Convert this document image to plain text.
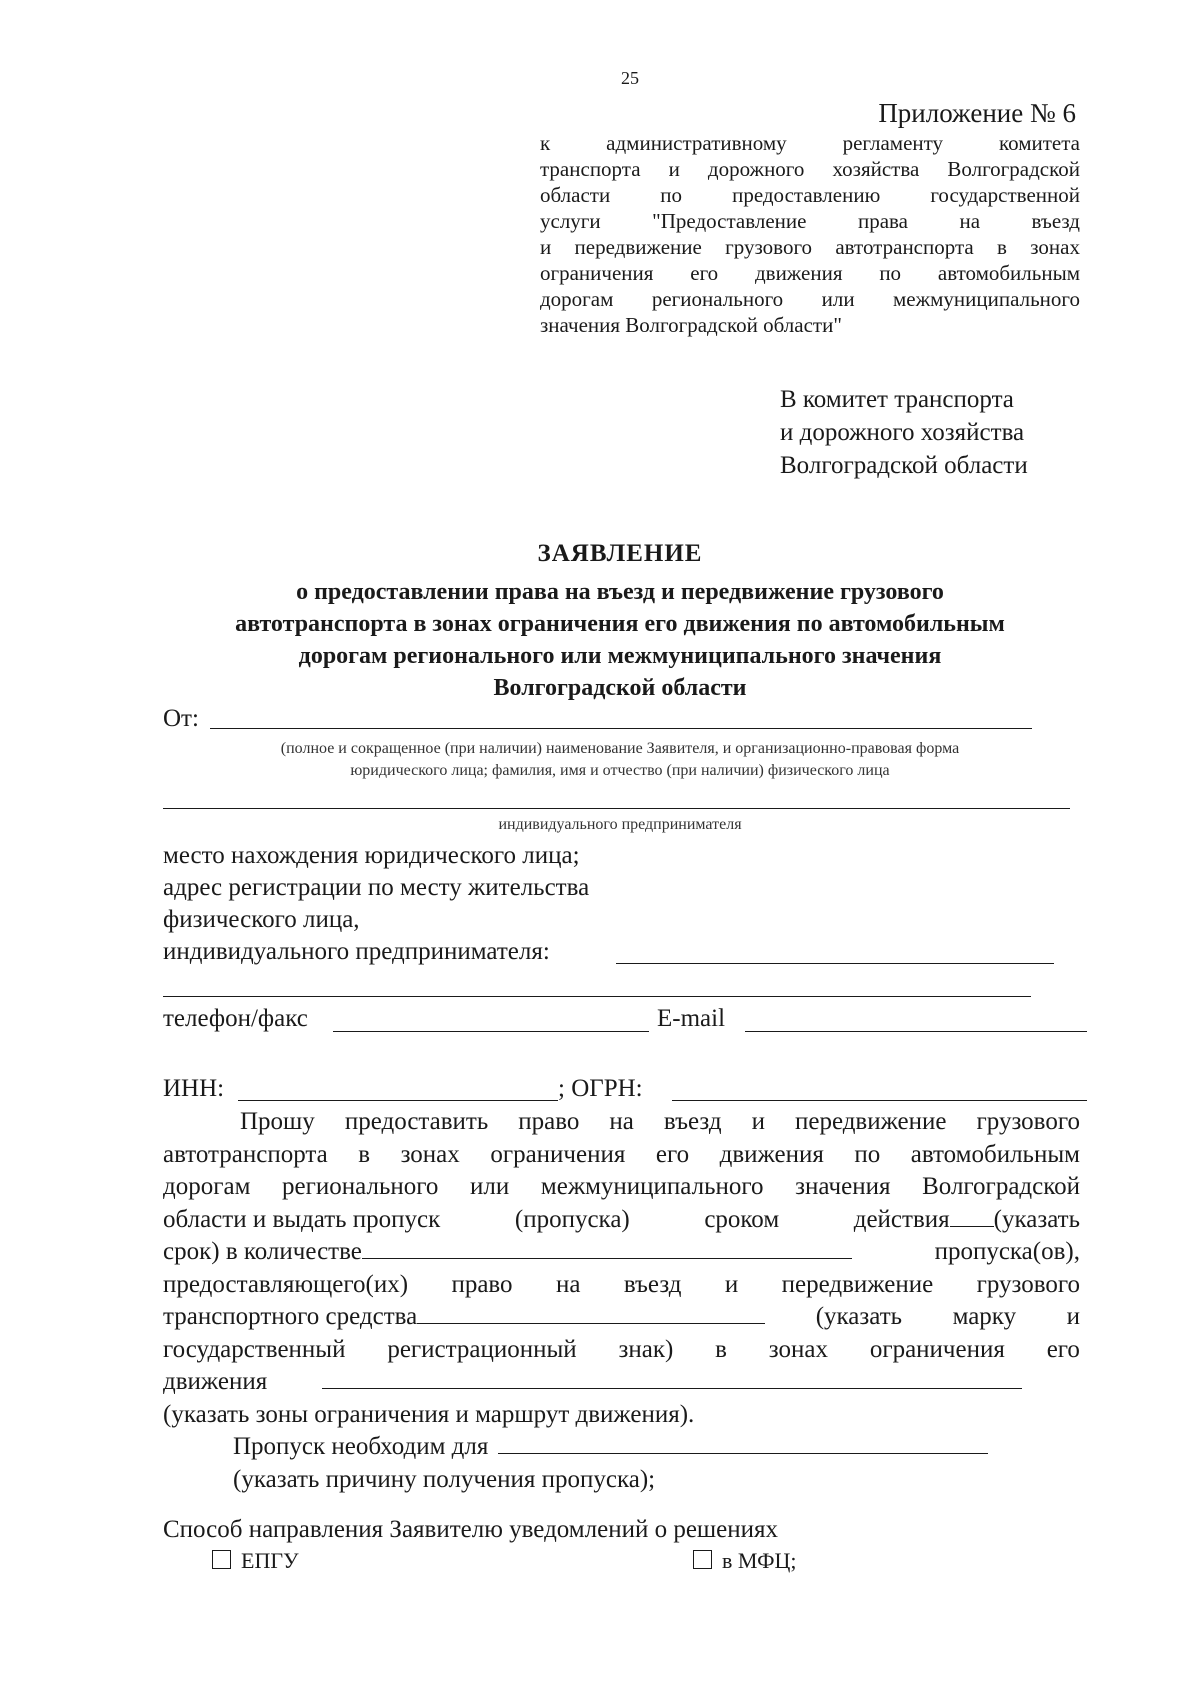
25
Приложение № 6
к административному регламенту комитета
транспорта и дорожного хозяйства Волгоградской
области по предоставлению государственной
услуги "Предоставление права на въезд
и передвижение грузового автотранспорта в зонах
ограничения его движения по автомобильным
дорогам регионального или межмуниципального
значения Волгоградской области"
В комитет транспорта
и дорожного хозяйства
Волгоградской области
ЗАЯВЛЕНИЕ
о предоставлении права на въезд и передвижение грузового
автотранспорта в зонах ограничения его движения по автомобильным
дорогам регионального или межмуниципального значения
Волгоградской области
От:
(полное и сокращенное (при наличии) наименование Заявителя, и организационно-правовая форма
юридического лица; фамилия, имя и отчество (при наличии) физического лица
индивидуального предпринимателя
место нахождения юридического лица;
адрес регистрации по месту жительства
физического лица,
индивидуального предпринимателя:
телефон/факс	E-mail
ИНН:	; ОГРН:
Прошу предоставить право на въезд и передвижение грузового
автотранспорта в зонах ограничения его движения по автомобильным
дорогам регионального или межмуниципального значения Волгоградской
области и выдать пропуск	(пропуска)	сроком	действия (указать
срок) в количестве	пропуска(ов),
предоставляющего(их) право на въезд и передвижение грузового
транспортного средства	(указать марку и
государственный регистрационный знак) в зонах ограничения его
движения
(указать зоны ограничения и маршрут движения).
Пропуск необходим для
(указать причину получения пропуска);
Способ направления Заявителю уведомлений о решениях
ЕПГУ	в МФЦ;
